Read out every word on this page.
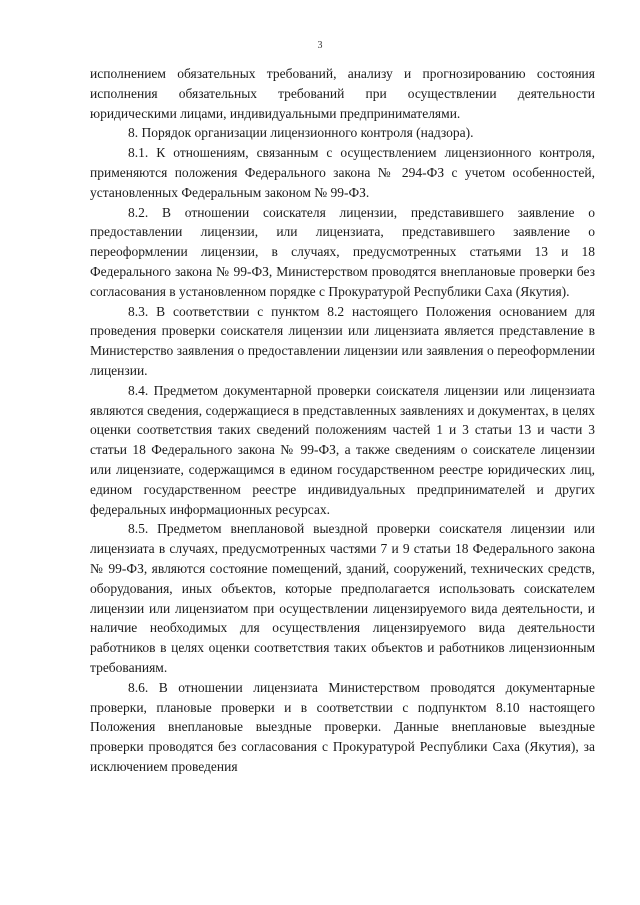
3

исполнением обязательных требований, анализу и прогнозированию состояния исполнения обязательных требований при осуществлении деятельности юридическими лицами, индивидуальными предпринимателями.

8. Порядок организации лицензионного контроля (надзора).

8.1. К отношениям, связанным с осуществлением лицензионного контроля, применяются положения Федерального закона № 294-ФЗ с учетом особенностей, установленных Федеральным законом № 99-ФЗ.

8.2. В отношении соискателя лицензии, представившего заявление о предоставлении лицензии, или лицензиата, представившего заявление о переоформлении лицензии, в случаях, предусмотренных статьями 13 и 18 Федерального закона № 99-ФЗ, Министерством проводятся внеплановые проверки без согласования в установленном порядке с Прокуратурой Республики Саха (Якутия).

8.3. В соответствии с пунктом 8.2 настоящего Положения основанием для проведения проверки соискателя лицензии или лицензиата является представление в Министерство заявления о предоставлении лицензии или заявления о переоформлении лицензии.

8.4. Предметом документарной проверки соискателя лицензии или лицензиата являются сведения, содержащиеся в представленных заявлениях и документах, в целях оценки соответствия таких сведений положениям частей 1 и 3 статьи 13 и части 3 статьи 18 Федерального закона № 99-ФЗ, а также сведениям о соискателе лицензии или лицензиате, содержащимся в едином государственном реестре юридических лиц, едином государственном реестре индивидуальных предпринимателей и других федеральных информационных ресурсах.

8.5. Предметом внеплановой выездной проверки соискателя лицензии или лицензиата в случаях, предусмотренных частями 7 и 9 статьи 18 Федерального закона № 99-ФЗ, являются состояние помещений, зданий, сооружений, технических средств, оборудования, иных объектов, которые предполагается использовать соискателем лицензии или лицензиатом при осуществлении лицензируемого вида деятельности, и наличие необходимых для осуществления лицензируемого вида деятельности работников в целях оценки соответствия таких объектов и работников лицензионным требованиям.

8.6. В отношении лицензиата Министерством проводятся документарные проверки, плановые проверки и в соответствии с подпунктом 8.10 настоящего Положения внеплановые выездные проверки. Данные внеплановые выездные проверки проводятся без согласования с Прокуратурой Республики Саха (Якутия), за исключением проведения
